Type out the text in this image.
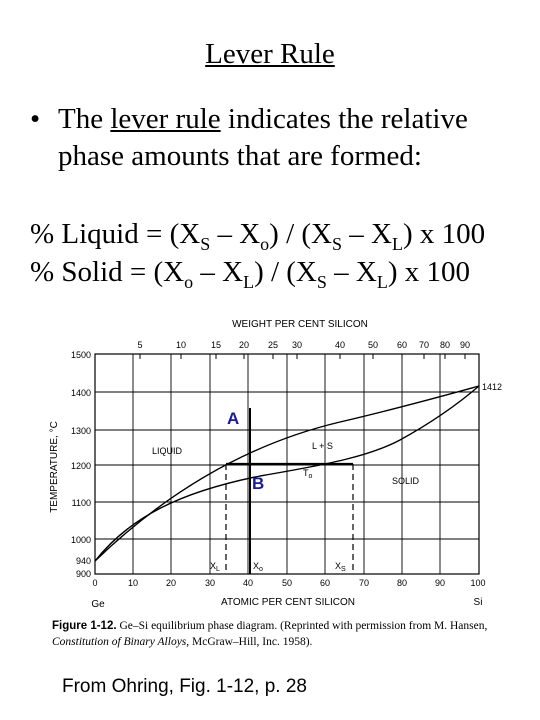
Lever Rule
• The lever rule indicates the relative phase amounts that are formed:
% Liquid = $(X_S - X_o) / (X_S - X_L)$ x 100
% Solid = $(X_o - X_L) / (X_S - X_L)$ x 100
WEIGHT PER CENT SILICON
ATOMIC PER CENT SILICON
Ge	Si
TEMPERATURE, °C
5	10	15 20 25 30	40	50 60 70 80 90
1500
1400
1300
1200
1100
1000
940
900
0	10	20	30	40	50	60	70	80	90	100
LIQUID	L + S
SOLID
$T_o$
$X_L$	$X_o$	$X_S$
1412
A
B
Figure 1-12. Ge–Si equilibrium phase diagram. (Reprinted with permission from M. Hansen, Constitution of Binary Alloys, McGraw–Hill, Inc. 1958).
From Ohring, Fig. 1-12, p. 28
